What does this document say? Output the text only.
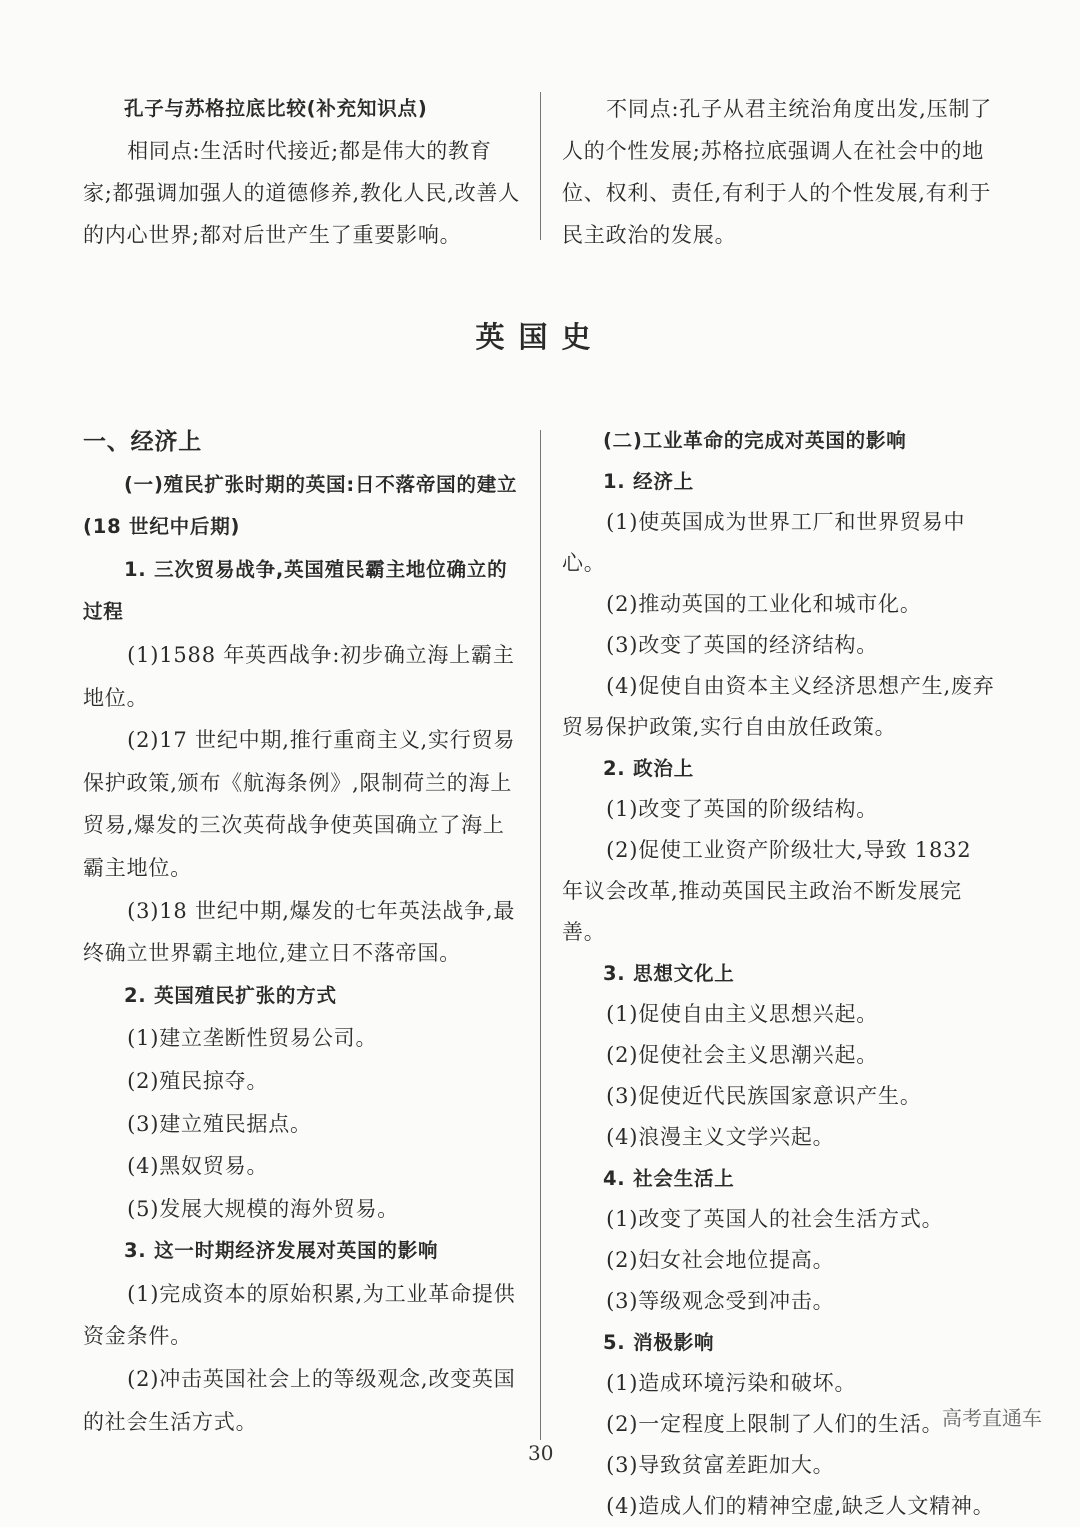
孔子与苏格拉底比较(补充知识点)

相同点:生活时代接近;都是伟大的教育家;都强调加强人的道德修养,教化人民,改善人的内心世界;都对后世产生了重要影响。

不同点:孔子从君主统治角度出发,压制了人的个性发展;苏格拉底强调人在社会中的地位、权利、责任,有利于人的个性发展,有利于民主政治的发展。

英国史

一、经济上

(一)殖民扩张时期的英国:日不落帝国的建立(18 世纪中后期)

1. 三次贸易战争,英国殖民霸主地位确立的过程

(1)1588 年英西战争:初步确立海上霸主地位。

(2)17 世纪中期,推行重商主义,实行贸易保护政策,颁布《航海条例》,限制荷兰的海上贸易,爆发的三次英荷战争使英国确立了海上霸主地位。

(3)18 世纪中期,爆发的七年英法战争,最终确立世界霸主地位,建立日不落帝国。

2. 英国殖民扩张的方式

(1)建立垄断性贸易公司。

(2)殖民掠夺。

(3)建立殖民据点。

(4)黑奴贸易。

(5)发展大规模的海外贸易。

3. 这一时期经济发展对英国的影响

(1)完成资本的原始积累,为工业革命提供资金条件。

(2)冲击英国社会上的等级观念,改变英国的社会生活方式。

(二)工业革命的完成对英国的影响

1. 经济上

(1)使英国成为世界工厂和世界贸易中心。

(2)推动英国的工业化和城市化。

(3)改变了英国的经济结构。

(4)促使自由资本主义经济思想产生,废弃贸易保护政策,实行自由放任政策。

2. 政治上

(1)改变了英国的阶级结构。

(2)促使工业资产阶级壮大,导致 1832 年议会改革,推动英国民主政治不断发展完善。

3. 思想文化上

(1)促使自由主义思想兴起。

(2)促使社会主义思潮兴起。

(3)促使近代民族国家意识产生。

(4)浪漫主义文学兴起。

4. 社会生活上

(1)改变了英国人的社会生活方式。

(2)妇女社会地位提高。

(3)等级观念受到冲击。

5. 消极影响

(1)造成环境污染和破坏。

(2)一定程度上限制了人们的生活。

(3)导致贫富差距加大。

(4)造成人们的精神空虚,缺乏人文精神。

高考直通车
30
